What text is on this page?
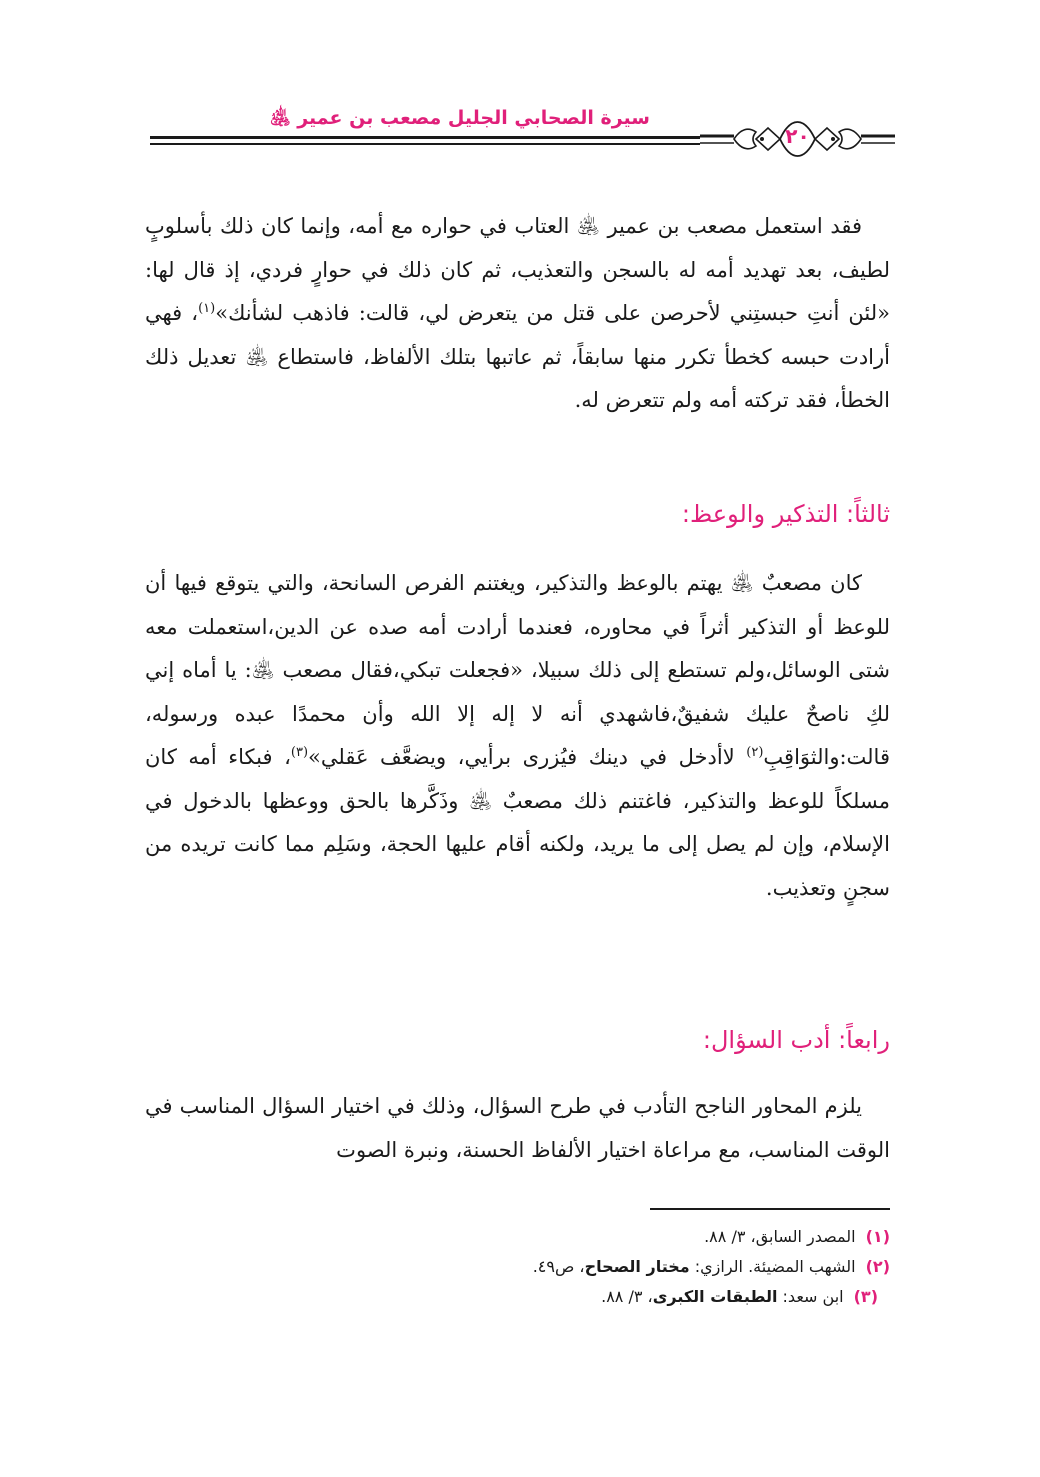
سيرة الصحابي الجليل مصعب بن عمير ﵁
٢٠

فقد استعمل مصعب بن عمير ﵁ العتاب في حواره مع أمه، وإنما كان ذلك بأسلوبٍ لطيف، بعد تهديد أمه له بالسجن والتعذيب، ثم كان ذلك في حوارٍ فردي، إذ قال لها: «لئن أنتِ حبستِني لأحرصن على قتل من يتعرض لي، قالت: فاذهب لشأنك»$^{(١)}$، فهي أرادت حبسه كخطأ تكرر منها سابقاً، ثم عاتبها بتلك الألفاظ، فاستطاع ﵁ تعديل ذلك الخطأ، فقد تركته أمه ولم تتعرض له.

ثالثاً: التذكير والوعظ:

كان مصعبٌ ﵁ يهتم بالوعظ والتذكير، ويغتنم الفرص السانحة، والتي يتوقع فيها أن للوعظ أو التذكير أثراً في محاوره، فعندما أرادت أمه صده عن الدين،استعملت معه شتى الوسائل،ولم تستطع إلى ذلك سبيلا، «فجعلت تبكي،فقال مصعب ﵁: يا أماه إني لكِ ناصحٌ عليك شفيقٌ،فاشهدي أنه لا إله إلا الله وأن محمدًا عبده ورسوله، قالت:والثوَاقِبِ$^{(٢)}$ لاأدخل في دينك فيُزرى برأيي، ويضعَّف عَقلي»$^{(٣)}$، فبكاء أمه كان مسلكاً للوعظ والتذكير، فاغتنم ذلك مصعبٌ ﵁ وذَكَّرها بالحق ووعظها بالدخول في الإسلام، وإن لم يصل إلى ما يريد، ولكنه أقام عليها الحجة، وسَلِم مما كانت تريده من سجنٍ وتعذيب.

رابعاً: أدب السؤال:

يلزم المحاور الناجح التأدب في طرح السؤال، وذلك في اختيار السؤال المناسب في الوقت المناسب، مع مراعاة اختيار الألفاظ الحسنة، ونبرة الصوت

(١)المصدر السابق، ٣/ ٨٨.
(٢)الشهب المضيئة. الرازي: مختار الصحاح، ص٤٩.
(٣)ابن سعد: الطبقات الكبرى، ٣/ ٨٨.
